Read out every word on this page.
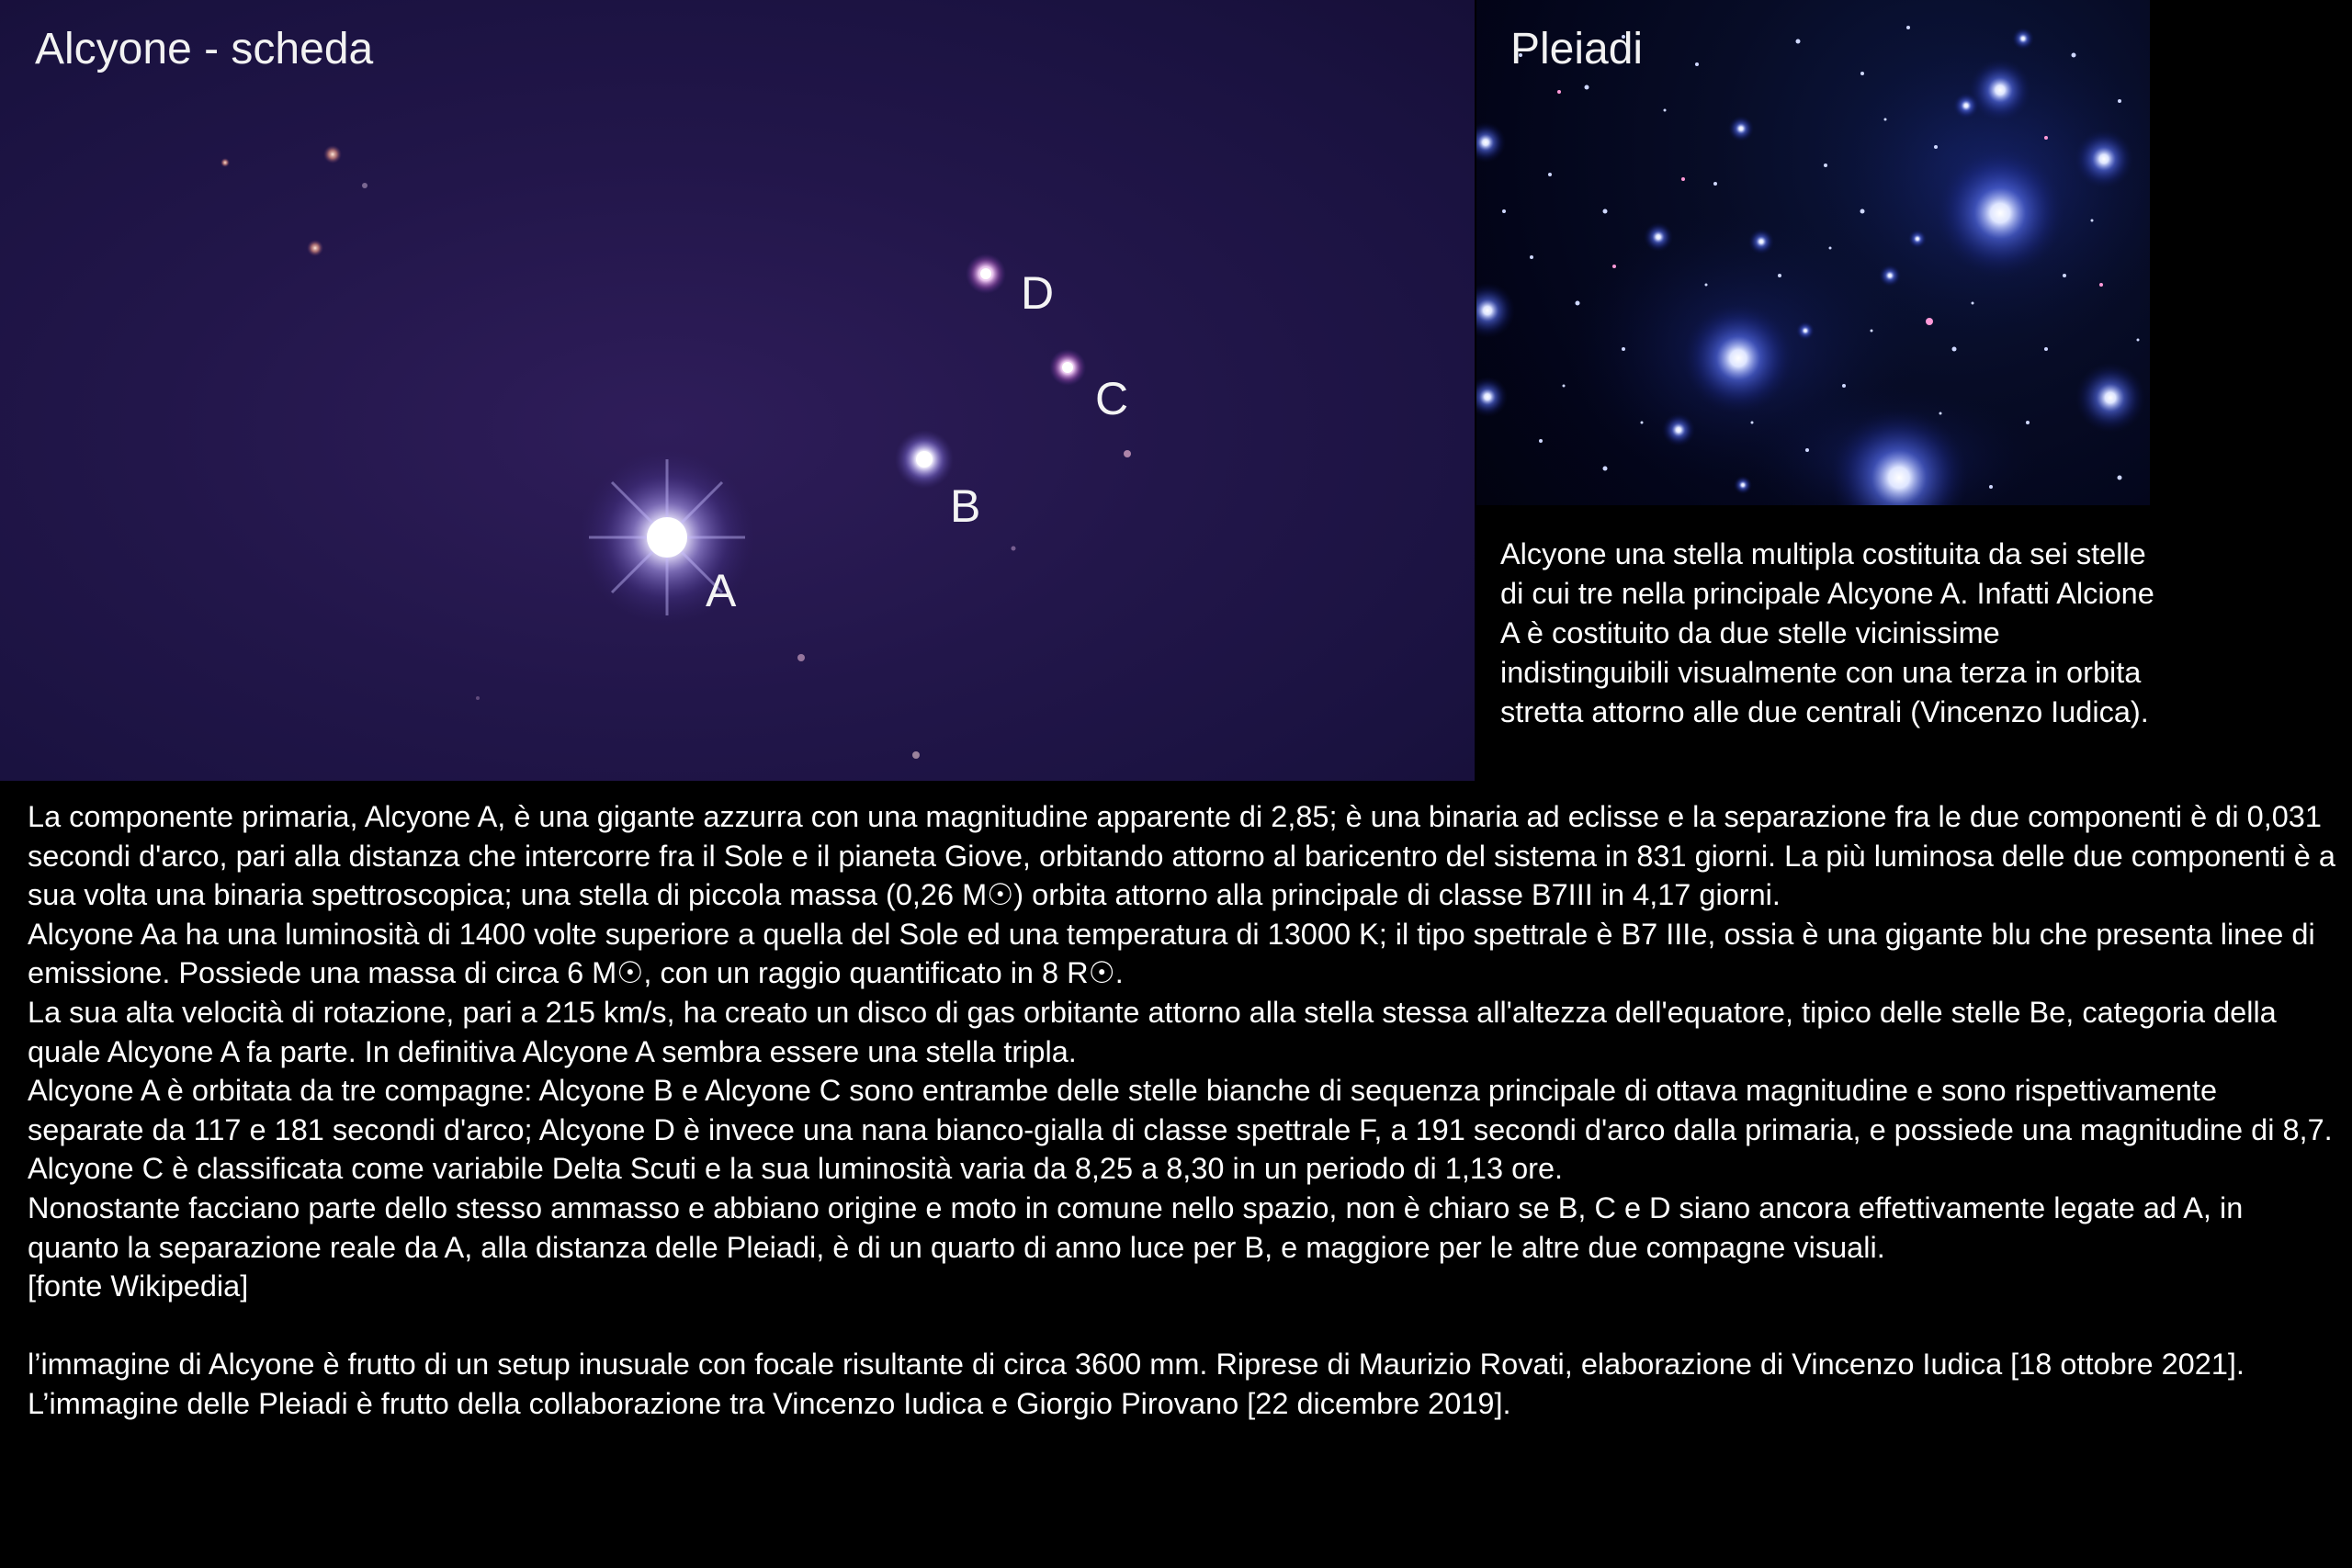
Alcyone - scheda
A
B
C
D
Pleiadi
Alcyone una stella multipla costituita da sei stelle di cui tre nella principale Alcyone A. Infatti Alcione A è costituito da due stelle vicinissime indistinguibili visualmente con una terza in orbita stretta attorno alle due centrali (Vincenzo Iudica).

La componente primaria, Alcyone A, è una gigante azzurra con una magnitudine apparente di 2,85; è una binaria ad eclisse e la separazione fra le due componenti è di 0,031 secondi d'arco, pari alla distanza che intercorre fra il Sole e il pianeta Giove, orbitando attorno al baricentro del sistema in 831 giorni. La più luminosa delle due componenti è a sua volta una binaria spettroscopica; una stella di piccola massa (0,26 M☉) orbita attorno alla principale di classe B7III in 4,17 giorni.

Alcyone Aa ha una luminosità di 1400 volte superiore a quella del Sole ed una temperatura di 13000 K; il tipo spettrale è B7 IIIe, ossia è una gigante blu che presenta linee di emissione. Possiede una massa di circa 6 M☉, con un raggio quantificato in 8 R☉.

La sua alta velocità di rotazione, pari a 215 km/s, ha creato un disco di gas orbitante attorno alla stella stessa all'altezza dell'equatore, tipico delle stelle Be, categoria della quale Alcyone A fa parte. In definitiva Alcyone A sembra essere una stella tripla.

Alcyone A è orbitata da tre compagne: Alcyone B e Alcyone C sono entrambe delle stelle bianche di sequenza principale di ottava magnitudine e sono rispettivamente separate da 117 e 181 secondi d'arco; Alcyone D è invece una nana bianco-gialla di classe spettrale F, a 191 secondi d'arco dalla primaria, e possiede una magnitudine di 8,7.

Alcyone C è classificata come variabile Delta Scuti e la sua luminosità varia da 8,25 a 8,30 in un periodo di 1,13 ore.

Nonostante facciano parte dello stesso ammasso e abbiano origine e moto in comune nello spazio, non è chiaro se B, C e D siano ancora effettivamente legate ad A, in quanto la separazione reale da A, alla distanza delle Pleiadi, è di un quarto di anno luce per B, e maggiore per le altre due compagne visuali.

[fonte Wikipedia]

l’immagine di Alcyone è frutto di un setup inusuale con focale risultante di circa 3600 mm. Riprese di Maurizio Rovati, elaborazione di Vincenzo Iudica [18 ottobre 2021]. L’immagine delle Pleiadi è frutto della collaborazione tra Vincenzo Iudica e Giorgio Pirovano [22 dicembre 2019].
